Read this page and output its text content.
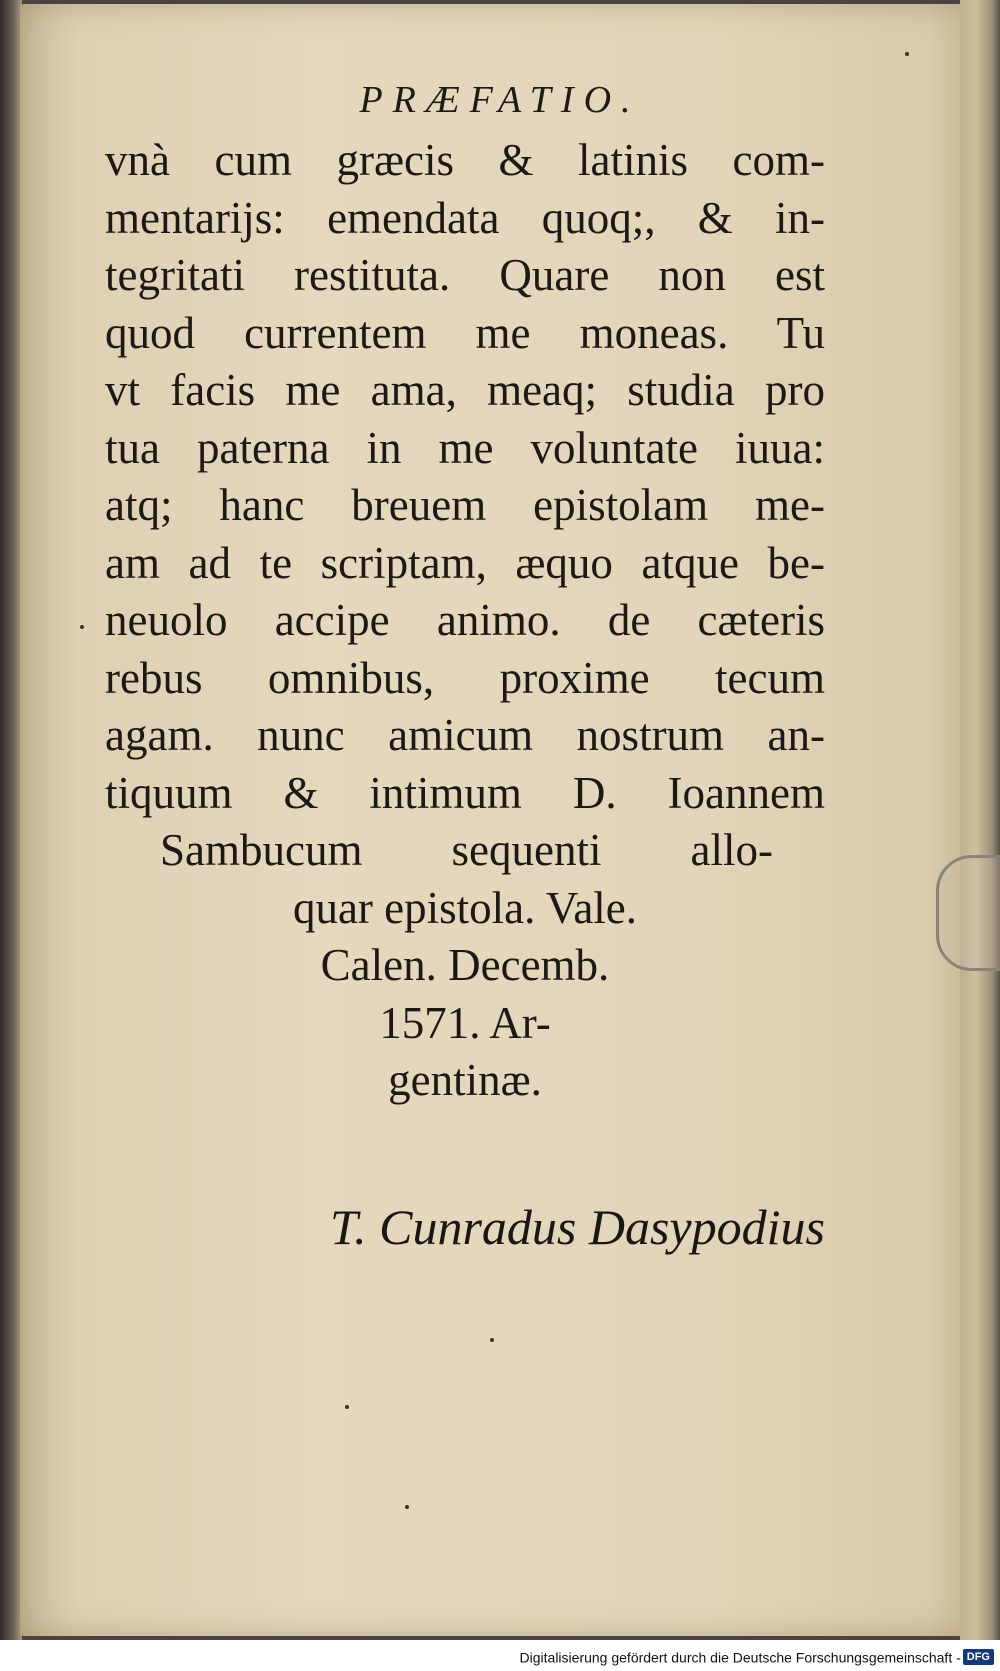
PRÆFATIO.
vnà cum græcis & latinis com-
mentarĳs: emendata quoq;, & in-
tegritati restituta. Quare non est
quod currentem me moneas. Tu
vt facis me ama, meaq; studia pro
tua paterna in me voluntate iuua:
atq; hanc breuem epistolam me-
am ad te scriptam, æquo atque be-
neuolo accipe animo. de cæteris
rebus omnibus, proxime tecum
agam. nunc amicum nostrum an-
tiquum & intimum D. Ioannem
Sambucum sequenti allo-
quar epistola. Vale.
Calen. Decemb.
1571. Ar-
gentinæ.
T. Cunradus Dasypodius
Digitalisierung gefördert durch die Deutsche Forschungsgemeinschaft - DFG
